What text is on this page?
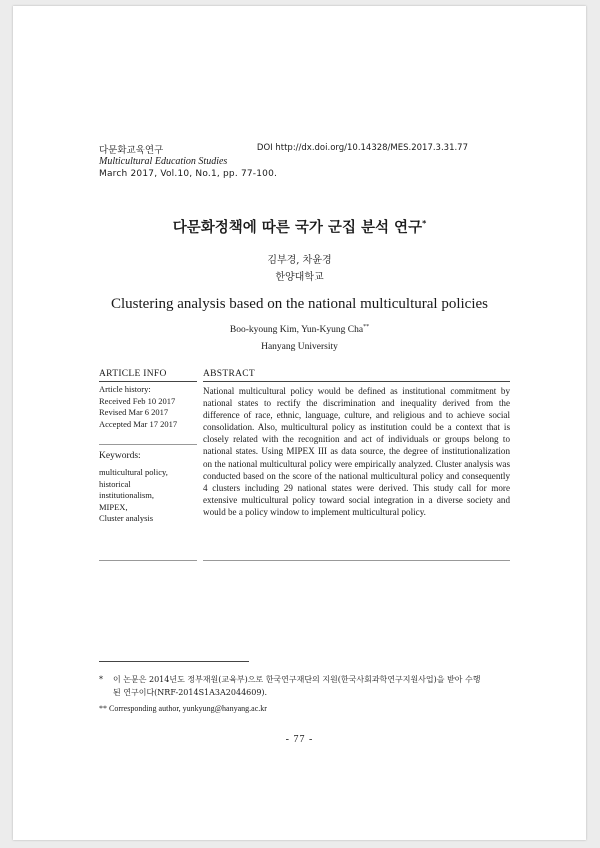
다문화교육연구
Multicultural Education Studies
March 2017, Vol.10, No.1, pp. 77-100.
DOI http://dx.doi.org/10.14328/MES.2017.3.31.77
다문화정책에 따른 국가 군집 분석 연구*
김부경, 차윤경
한양대학교
Clustering analysis based on the national multicultural policies
Boo-kyoung Kim, Yun-Kyung Cha**
Hanyang University
ARTICLE INFO	ABSTRACT
Article history:
Received Feb 10 2017
Revised Mar 6 2017
Accepted Mar 17 2017
Keywords:
multicultural policy,
historical
institutionalism,
MIPEX,
Cluster analysis

National multicultural policy would be defined as institutional commitment by national states to rectify the discrimination and inequality derived from the difference of race, ethnic, language, culture, and religious and to achieve social consolidation. Also, multicultural policy as institution could be a context that is closely related with the recognition and act of individuals or groups belong to national states. Using MIPEX III as data source, the degree of institutionalization on the national multicultural policy were empirically analyzed. Cluster analysis was conducted based on the score of the national multicultural policy and consequently 4 clusters including 29 national states were derived. This study call for more extensive multicultural policy toward social integration in a diverse society and would be a policy window to implement multicultural policy.

* 이 논문은 2014년도 정부재원(교육부)으로 한국연구재단의 지원(한국사회과학연구지원사업)을 받아 수행
된 연구이다(NRF-2014S1A3A2044609).
** Corresponding author, yunkyung@hanyang.ac.kr
- 77 -
